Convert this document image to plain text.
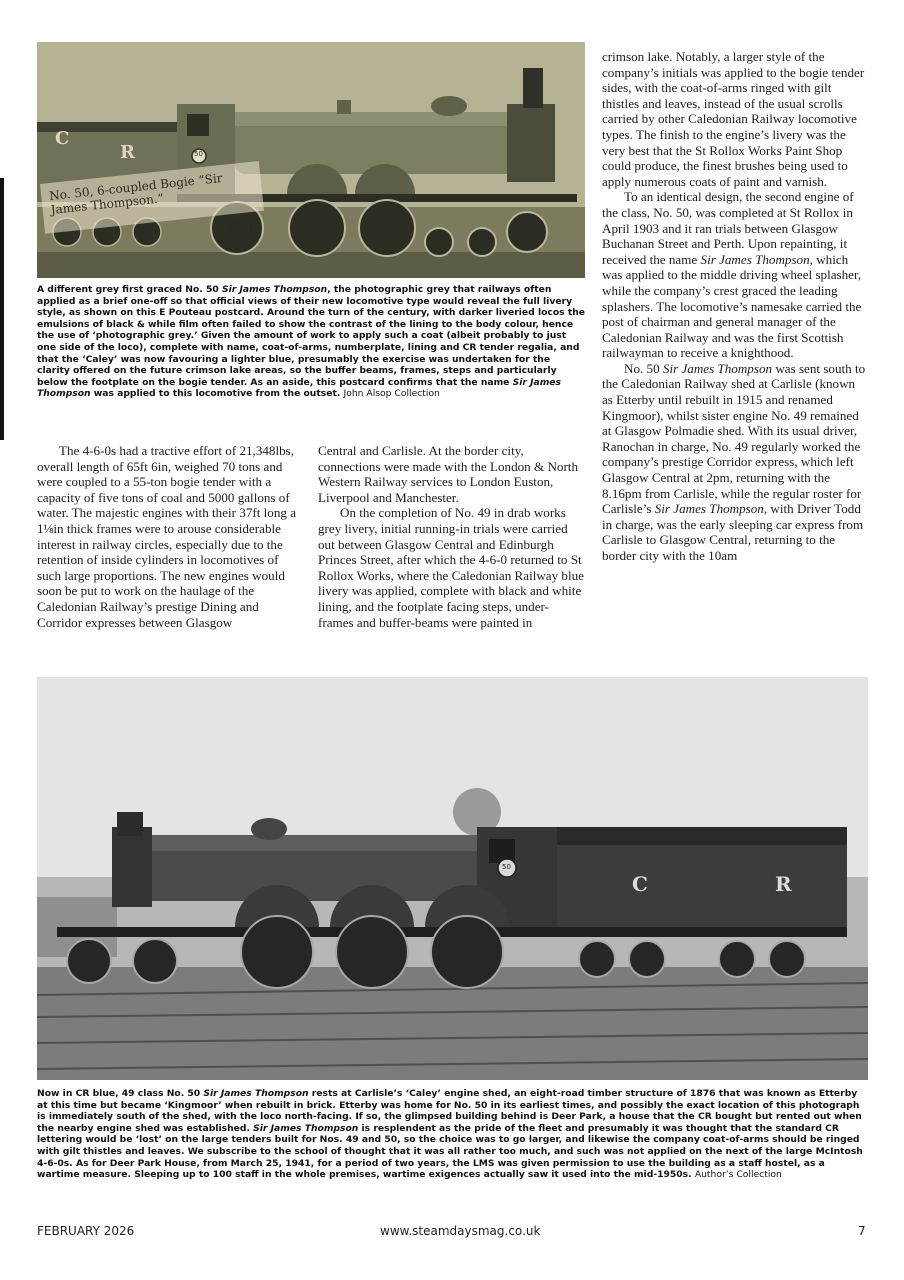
C
R	50
No. 50, 6-coupled Bogie “Sir James Thompson.”
(26)
A different grey first graced No. 50 Sir James Thompson, the photographic grey that railways often applied as a brief one-off so that official views of their new locomotive type would reveal the full livery style, as shown on this E Pouteau postcard. Around the turn of the century, with darker liveried locos the emulsions of black & while film often failed to show the contrast of the lining to the body colour, hence the use of ‘photographic grey.’ Given the amount of work to apply such a coat (albeit probably to just one side of the loco), complete with name, coat-of-arms, numberplate, lining and CR tender regalia, and that the ‘Caley’ was now favouring a lighter blue, presumably the exercise was undertaken for the clarity offered on the future crimson lake areas, so the buffer beams, frames, steps and particularly below the footplate on the bogie tender. As an aside, this postcard confirms that the name Sir James Thompson was applied to this locomotive from the outset. John Alsop Collection

The 4-6-0s had a tractive effort of 21,348lbs, overall length of 65ft 6in, weighed 70 tons and were coupled to a 55-ton bogie tender with a capacity of five tons of coal and 5000 gallons of water. The majestic engines with their 37ft long a 1⅛in thick frames were to arouse considerable interest in railway circles, especially due to the retention of inside cylinders in locomotives of such large proportions. The new engines would soon be put to work on the haulage of the Caledonian Railway’s prestige Dining and Corridor expresses between Glasgow

Central and Carlisle. At the border city, connections were made with the London & North Western Railway services to London Euston, Liverpool and Manchester.

On the completion of No. 49 in drab works grey livery, initial running-in trials were carried out between Glasgow Central and Edinburgh Princes Street, after which the 4-6-0 returned to St Rollox Works, where the Caledonian Railway blue livery was applied, complete with black and white lining, and the footplate facing steps, under-frames and buffer-beams were painted in

crimson lake. Notably, a larger style of the company’s initials was applied to the bogie tender sides, with the coat-of-arms ringed with gilt thistles and leaves, instead of the usual scrolls carried by other Caledonian Railway locomotive types. The finish to the engine’s livery was the very best that the St Rollox Works Paint Shop could produce, the finest brushes being used to apply numerous coats of paint and varnish.

To an identical design, the second engine of the class, No. 50, was completed at St Rollox in April 1903 and it ran trials between Glasgow Buchanan Street and Perth. Upon repainting, it received the name Sir James Thompson, which was applied to the middle driving wheel splasher, while the company’s crest graced the leading splashers. The locomotive’s namesake carried the post of chairman and general manager of the Caledonian Railway and was the first Scottish railwayman to receive a knighthood.

No. 50 Sir James Thompson was sent south to the Caledonian Railway shed at Carlisle (known as Etterby until rebuilt in 1915 and renamed Kingmoor), whilst sister engine No. 49 remained at Glasgow Polmadie shed. With its usual driver, Ranochan in charge, No. 49 regularly worked the company’s prestige Corridor express, which left Glasgow Central at 2pm, returning with the 8.16pm from Carlisle, while the regular roster for Carlisle’s Sir James Thompson, with Driver Todd in charge, was the early sleeping car express from Carlisle to Glasgow Central, returning to the border city with the 10am

C	R
50
Now in CR blue, 49 class No. 50 Sir James Thompson rests at Carlisle’s ‘Caley’ engine shed, an eight-road timber structure of 1876 that was known as Etterby at this time but became ‘Kingmoor’ when rebuilt in brick. Etterby was home for No. 50 in its earliest times, and possibly the exact location of this photograph is immediately south of the shed, with the loco north-facing. If so, the glimpsed building behind is Deer Park, a house that the CR bought but rented out when the nearby engine shed was established. Sir James Thompson is resplendent as the pride of the fleet and presumably it was thought that the standard CR lettering would be ‘lost’ on the large tenders built for Nos. 49 and 50, so the choice was to go larger, and likewise the company coat-of-arms should be ringed with gilt thistles and leaves. We subscribe to the school of thought that it was all rather too much, and such was not applied on the next of the large McIntosh 4-6-0s. As for Deer Park House, from March 25, 1941, for a period of two years, the LMS was given permission to use the building as a staff hostel, as a wartime measure. Sleeping up to 100 staff in the whole premises, wartime exigences actually saw it used into the mid-1950s. Author’s Collection
FEBRUARY 2026	www.steamdaysmag.co.uk	7
